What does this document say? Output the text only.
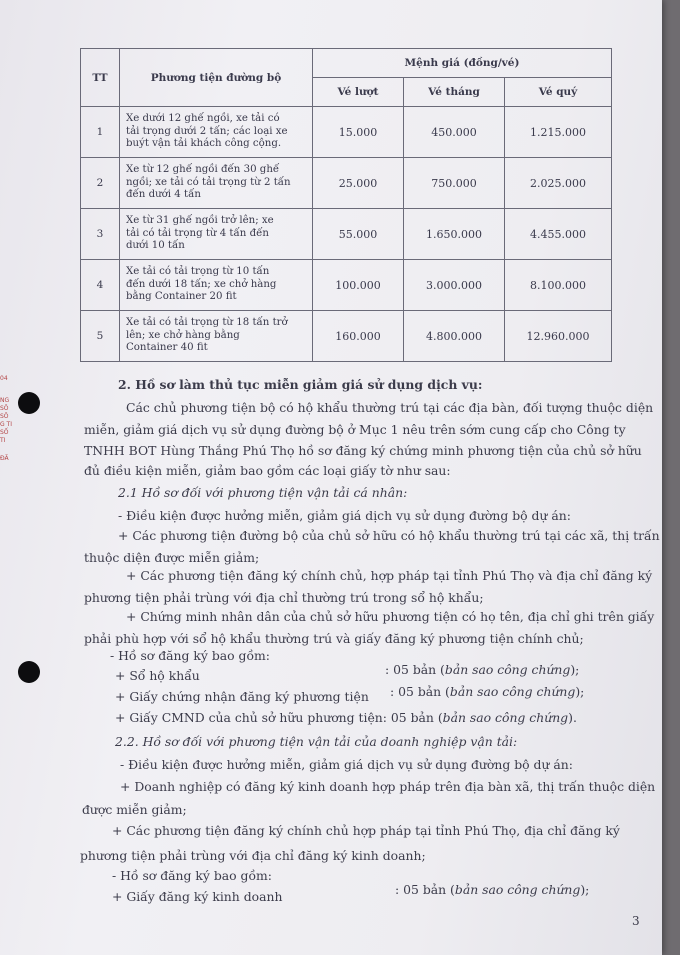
TT	Phương tiện đường bộ	Mệnh giá (đồng/vé)		
		Vé lượt	Vé tháng	Vé quý
1	Xe dưới 12 ghế ngồi, xe tải có
tải trọng dưới 2 tấn; các loại xe
buýt vận tải khách công cộng.	15.000	450.000	1.215.000
2	Xe từ 12 ghế ngồi đến 30 ghế
ngồi; xe tải có tải trọng từ 2 tấn
đến dưới 4 tấn	25.000	750.000	2.025.000
3	Xe từ 31 ghế ngồi trở lên; xe
tải có tải trọng từ 4 tấn đến
dưới 10 tấn	55.000	1.650.000	4.455.000
4	Xe tải có tải trọng từ 10 tấn
đến dưới 18 tấn; xe chở hàng
bằng Container 20 fit	100.000	3.000.000	8.100.000
5	Xe tải có tải trọng từ 18 tấn trở
lên; xe chở hàng bằng
Container 40 fit	160.000	4.800.000	12.960.000
04
NG
SÕ
SÕ
G TI
SỐ TI
ĐÃ
2. Hồ sơ làm thủ tục miễn giảm giá sử dụng dịch vụ:
Các chủ phương tiện bộ có hộ khẩu thường trú tại các địa bàn, đối tượng thuộc diện
miễn, giảm giá dịch vụ sử dụng đường bộ ở Mục 1 nêu trên sớm cung cấp cho Công ty
TNHH BOT Hùng Thắng Phú Thọ hồ sơ đăng ký chứng minh phương tiện của chủ sở hữu
đủ điều kiện miễn, giảm bao gồm các loại giấy tờ như sau:
2.1 Hồ sơ đối với phương tiện vận tải cá nhân:
- Điều kiện được hưởng miễn, giảm giá dịch vụ sử dụng đường bộ dự án:
+ Các phương tiện đường bộ của chủ sở hữu có hộ khẩu thường trú tại các xã, thị trấn
thuộc diện được miễn giảm;
+ Các phương tiện đăng ký chính chủ, hợp pháp tại tỉnh Phú Thọ và địa chỉ đăng ký
phương tiện phải trùng với địa chỉ thường trú trong sổ hộ khẩu;
+ Chứng minh nhân dân của chủ sở hữu phương tiện có họ tên, địa chỉ ghi trên giấy
phải phù hợp với sổ hộ khẩu thường trú và giấy đăng ký phương tiện chính chủ;
- Hồ sơ đăng ký bao gồm:
+ Sổ hộ khẩu	: 05 bản (bản sao công chứng);
+ Giấy chứng nhận đăng ký phương tiện : 05 bản (bản sao công chứng);
+ Giấy CMND của chủ sở hữu phương tiện: 05 bản (bản sao công chứng).
2.2. Hồ sơ đối với phương tiện vận tải của doanh nghiệp vận tải:
- Điều kiện được hưởng miễn, giảm giá dịch vụ sử dụng đường bộ dự án:
+ Doanh nghiệp có đăng ký kinh doanh hợp pháp trên địa bàn xã, thị trấn thuộc diện
được miễn giảm;
+ Các phương tiện đăng ký chính chủ hợp pháp tại tỉnh Phú Thọ, địa chỉ đăng ký
phương tiện phải trùng với địa chỉ đăng ký kinh doanh;
- Hồ sơ đăng ký bao gồm:
+ Giấy đăng ký kinh doanh	: 05 bản (bản sao công chứng);
3
